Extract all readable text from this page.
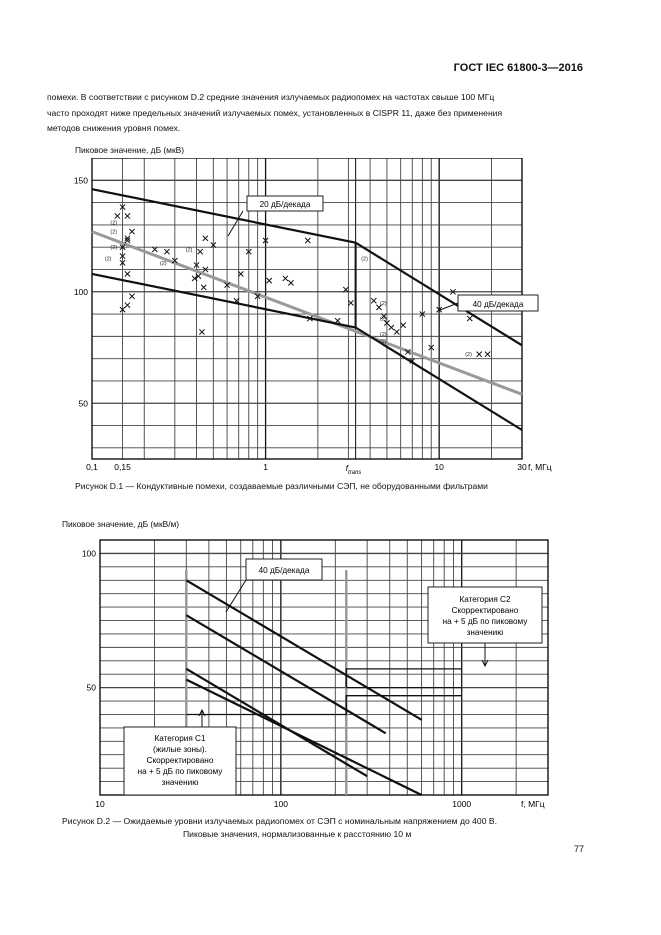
ГОСТ IEC 61800-3—2016
помехи. В соответствии с рисунком D.2 средние значения излучаемых радиопомех на частотах свыше 100 МГц
часто проходят ниже предельных значений излучаемых помех, установленных в CISPR 11, даже без применения
методов снижения уровня помех.
Пиковое значение, дБ (мкВ)
(2)
(2)
(2)
(2)
(2)
(2)
(2)
(2)
(2)
(2)
(2)
(2)
150
100
50
0,1 0,15	1	10	30
$f_{trans}$
f, МГц
20 дБ/декада
40 дБ/декада
Рисунок D.1 — Кондуктивные помехи, создаваемые различными СЭП, не оборудованными фильтрами
Пиковое значение, дБ (мкВ/м)
100
50
10	100	1000	f, МГц
40 дБ/декада
Категория С2
Скорректировано
на + 5 дБ по пиковому
значению
Категория С1
(жилые зоны).
Скорректировано
на + 5 дБ по пиковому
значению
Рисунок D.2 — Ожидаемые уровни излучаемых радиопомех от СЭП с номинальным напряжением до 400 В.
Пиковые значения, нормализованные к расстоянию 10 м
77
